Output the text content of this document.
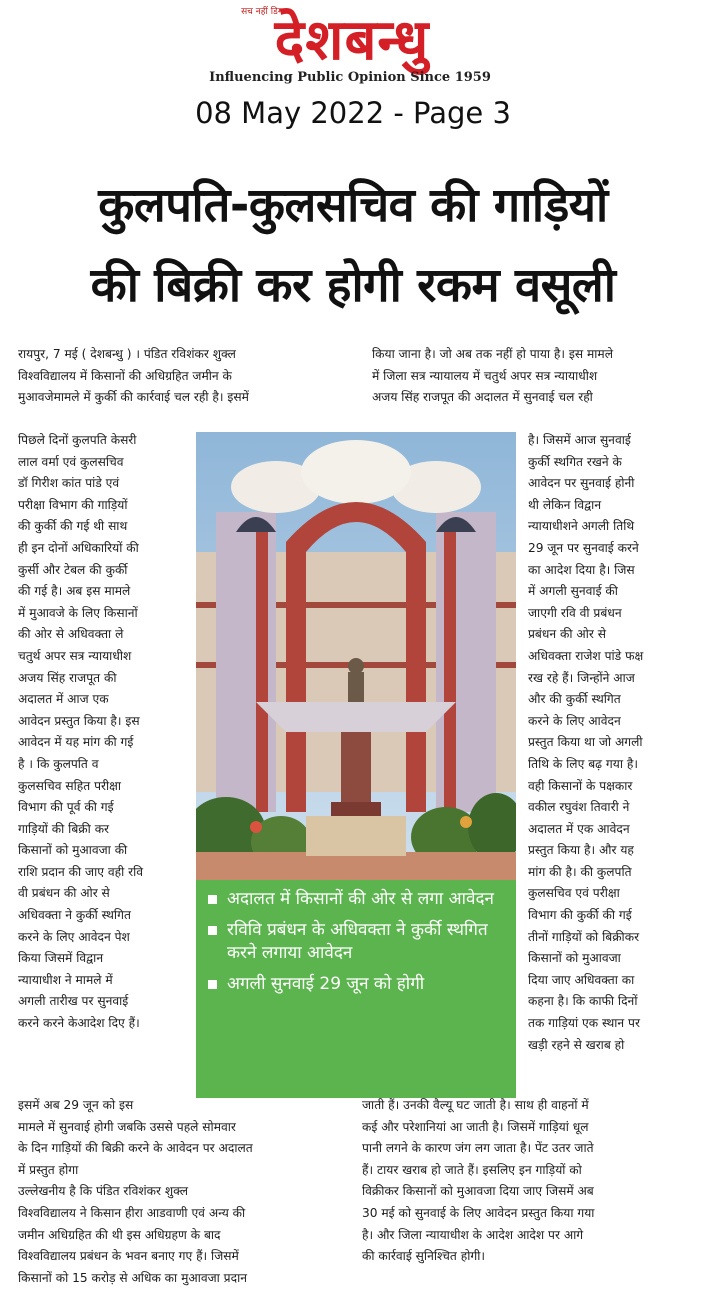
सच नहीं डिग
देशबन्धु
Influencing Public Opinion Since 1959
08 May 2022 - Page 3
कुलपति-कुलसचिव की गाड़ियों
की बिक्री कर होगी रकम वसूली
रायपुर, 7 मई ( देशबन्धु ) । पंडित रविशंकर शुक्ल
विश्वविद्यालय में किसानों की अधिग्रहित जमीन के
मुआवजेमामले में कुर्की की कार्रवाई चल रही है। इसमें
किया जाना है। जो अब तक नहीं हो पाया है। इस मामले
में जिला सत्र न्यायालय में चतुर्थ अपर सत्र न्यायाधीश
अजय सिंह राजपूत की अदालत में सुनवाई चल रही
पिछले दिनों कुलपति केसरी
लाल वर्मा एवं कुलसचिव
डॉ गिरीश कांत पांडे एवं
परीक्षा विभाग की गाड़ियों
की कुर्की की गई थी साथ
ही इन दोनों अधिकारियों की
कुर्सी और टेबल की कुर्की
की गई है। अब इस मामले
में मुआवजे के लिए किसानों
की ओर से अधिवक्ता ले
चतुर्थ अपर सत्र न्यायाधीश
अजय सिंह राजपूत की
अदालत में आज एक
आवेदन प्रस्तुत किया है। इस
आवेदन में यह मांग की गई
है । कि कुलपति व
कुलसचिव सहित परीक्षा
विभाग की पूर्व की गई
गाड़ियों की बिक्री कर
किसानों को मुआवजा की
राशि प्रदान की जाए वही रवि
वी प्रबंधन की ओर से
अधिवक्ता ने कुर्की स्थगित
करने के लिए आवेदन पेश
किया जिसमें विद्वान
न्यायाधीश ने मामले में
अगली तारीख पर सुनवाई
करने करने केआदेश दिए हैं।
है। जिसमें आज सुनवाई
कुर्की स्थगित रखने के
आवेदन पर सुनवाई होनी
थी लेकिन विद्वान
न्यायाधीशने अगली तिथि
29 जून पर सुनवाई करने
का आदेश दिया है। जिस
में अगली सुनवाई की
जाएगी रवि वी प्रबंधन
प्रबंधन की ओर से
अधिवक्ता राजेश पांडे फक्ष
रख रहे हैं। जिन्होंने आज
और की कुर्की स्थगित
करने के लिए आवेदन
प्रस्तुत किया था जो अगली
तिथि के लिए बढ़ गया है।
वही किसानों के पक्षकार
वकील रघुवंश तिवारी ने
अदालत में एक आवेदन
प्रस्तुत किया है। और यह
मांग की है। की कुलपति
कुलसचिव एवं परीक्षा
विभाग की कुर्की की गई
तीनों गाड़ियों को बिक्रीकर
किसानों को मुआवजा
दिया जाए अधिवक्ता का
कहना है। कि काफी दिनों
तक गाड़ियां एक स्थान पर
खड़ी रहने से खराब हो
अदालत में किसानों की ओर से लगा आवेदन
रविवि प्रबंधन के अधिवक्ता ने कुर्की स्थगित करने लगाया आवेदन
अगली सुनवाई 29 जून को होगी
इसमें अब 29 जून को इस
मामले में सुनवाई होगी जबकि उससे पहले सोमवार
के दिन गाड़ियों की बिक्री करने के आवेदन पर अदालत
में प्रस्तुत होगा
उल्लेखनीय है कि पंडित रविशंकर शुक्ल
विश्वविद्यालय ने किसान हीरा आडवाणी एवं अन्य की
जमीन अधिग्रहित की थी इस अधिग्रहण के बाद
विश्वविद्यालय प्रबंधन के भवन बनाए गए हैं। जिसमें
किसानों को 15 करोड़ से अधिक का मुआवजा प्रदान
जाती हैं। उनकी वैल्यू घट जाती है। साथ ही वाहनों में
कई और परेशानियां आ जाती है। जिसमें गाड़ियां धूल
पानी लगने के कारण जंग लग जाता है। पेंट उतर जाते
हैं। टायर खराब हो जाते हैं। इसलिए इन गाड़ियों को
विक्रीकर किसानों को मुआवजा दिया जाए जिसमें अब
30 मई को सुनवाई के लिए आवेदन प्रस्तुत किया गया
है। और जिला न्यायाधीश के आदेश आदेश पर आगे
की कार्रवाई सुनिश्चित होगी।
